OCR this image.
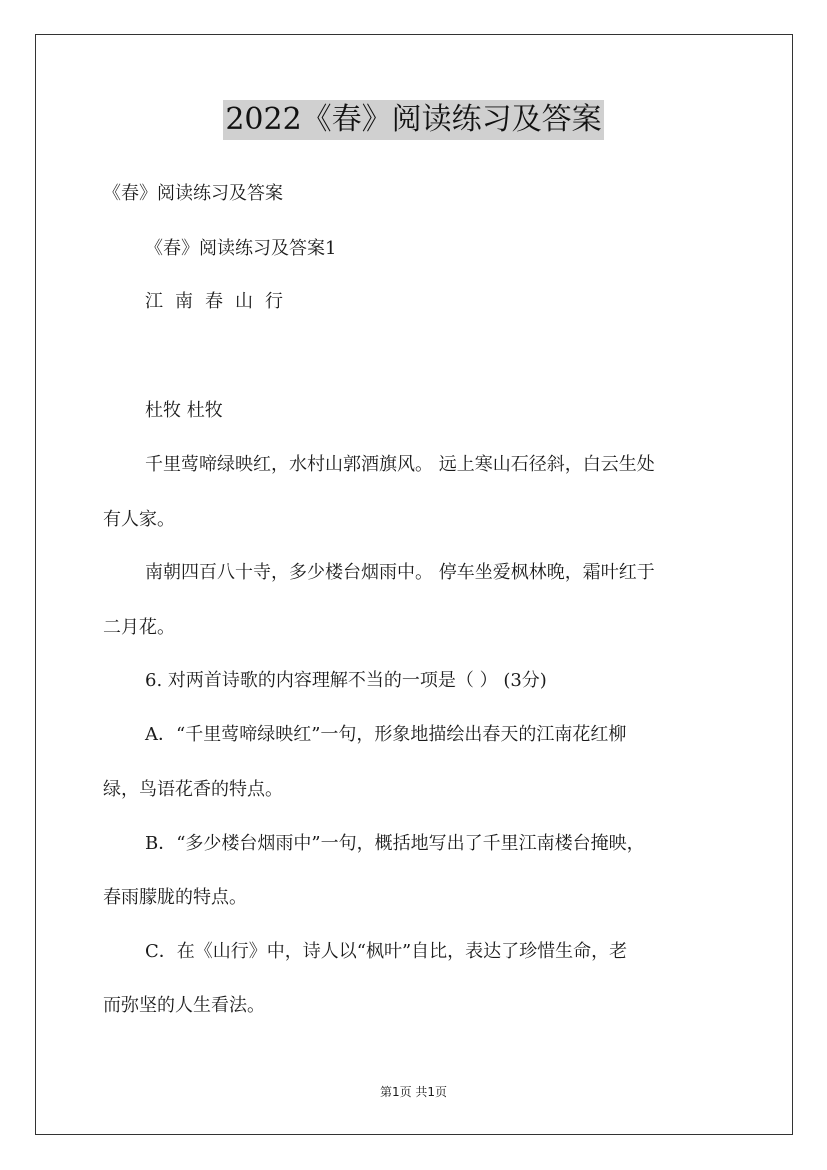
2022《春》阅读练习及答案
《春》阅读练习及答案
《春》阅读练习及答案1
江南春山行
杜牧 杜牧
千里莺啼绿映红，水村山郭酒旗风。 远上寒山石径斜，白云生处
有人家。
南朝四百八十寺，多少楼台烟雨中。 停车坐爱枫林晚，霜叶红于
二月花。
6. 对两首诗歌的内容理解不当的一项是（ ） (3分)
A．“千里莺啼绿映红”一句，形象地描绘出春天的江南花红柳
绿，鸟语花香的特点。
B．“多少楼台烟雨中”一句，概括地写出了千里江南楼台掩映，
春雨朦胧的特点。
C．在《山行》中，诗人以“枫叶”自比，表达了珍惜生命，老
而弥坚的人生看法。
第1页 共1页
